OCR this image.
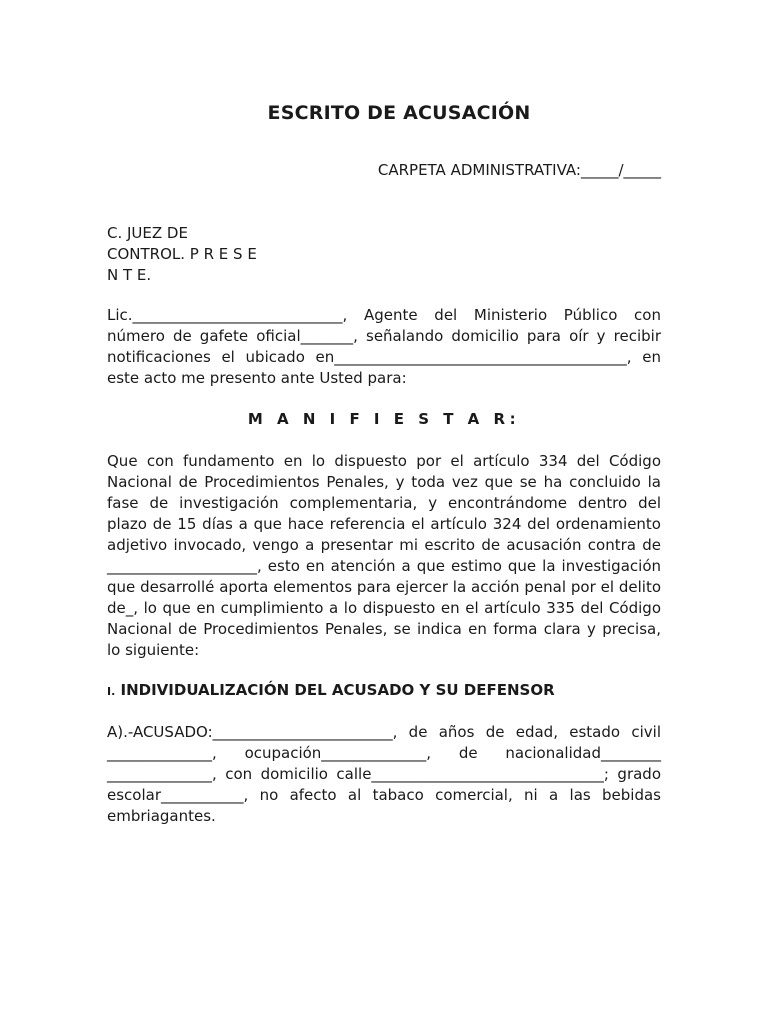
ESCRITO DE ACUSACIÓN
CARPETA ADMINISTRATIVA:_____/_____
C. JUEZ DE
CONTROL. P R E S E
N T E.
Lic.____________________________, Agente del Ministerio Público con número de gafete oficial_______, señalando domicilio para oír y recibir notificaciones el ubicado en_______________________________________, en este acto me presento ante Usted para:
M A N I F I E S T A R:
Que con fundamento en lo dispuesto por el artículo 334 del Código Nacional de Procedimientos Penales, y toda vez que se ha concluido la fase de investigación complementaria, y encontrándome dentro del plazo de 15 días a que hace referencia el artículo 324 del ordenamiento adjetivo invocado, vengo a presentar mi escrito de acusación contra de ____________________, esto en atención a que estimo que la investigación que desarrollé aporta elementos para ejercer la acción penal por el delito de_, lo que en cumplimiento a lo dispuesto en el artículo 335 del Código Nacional de Procedimientos Penales, se indica en forma clara y precisa, lo siguiente:
I. INDIVIDUALIZACIÓN DEL ACUSADO Y SU DEFENSOR
A).-ACUSADO:________________________, de años de edad, estado civil ______________, ocupación______________, de nacionalidad________ ______________, con domicilio calle_______________________________; grado escolar___________, no afecto al tabaco comercial, ni a las bebidas embriagantes.
